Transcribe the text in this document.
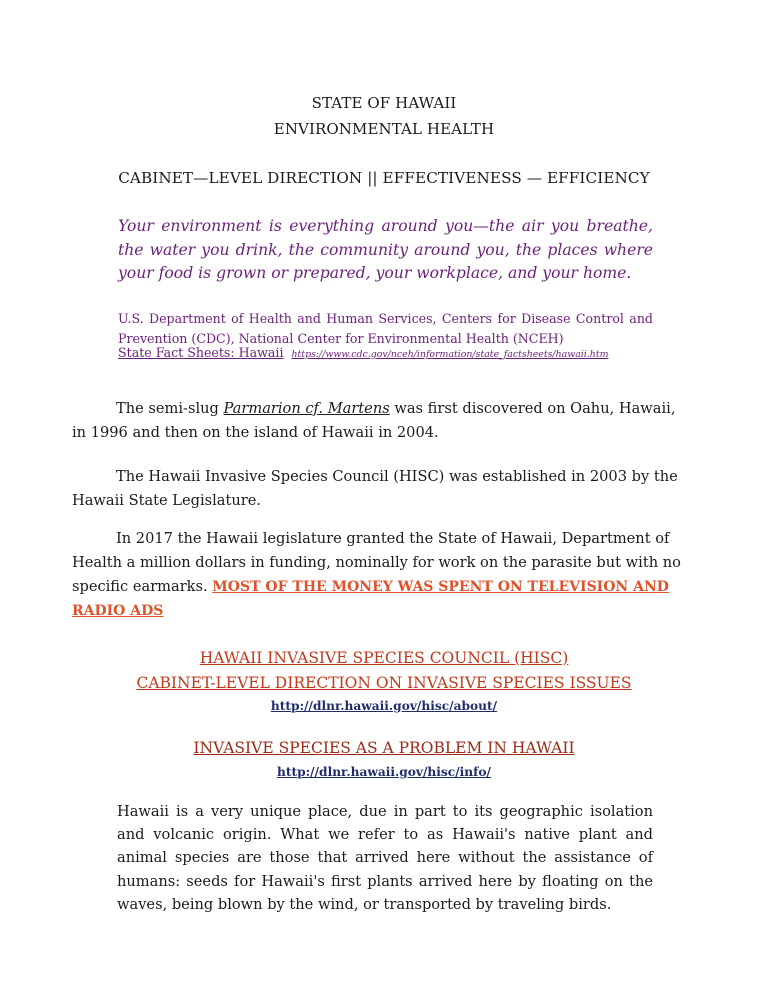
STATE OF HAWAII
ENVIRONMENTAL HEALTH
CABINET—LEVEL DIRECTION || EFFECTIVENESS — EFFICIENCY
Your environment is everything around you—the air you breathe, the water you drink, the community around you, the places where your food is grown or prepared, your workplace, and your home.
U.S. Department of Health and Human Services, Centers for Disease Control and Prevention (CDC), National Center for Environmental Health (NCEH)
State Fact Sheets: Hawaii https://www.cdc.gov/nceh/information/state_factsheets/hawaii.htm
The semi-slug Parmarion cf. Martens was first discovered on Oahu, Hawaii, in 1996 and then on the island of Hawaii in 2004.
The Hawaii Invasive Species Council (HISC) was established in 2003 by the Hawaii State Legislature.
In 2017 the Hawaii legislature granted the State of Hawaii, Department of Health a million dollars in funding, nominally for work on the parasite but with no specific earmarks. MOST OF THE MONEY WAS SPENT ON TELEVISION AND RADIO ADS
HAWAII INVASIVE SPECIES COUNCIL (HISC)
CABINET-LEVEL DIRECTION ON INVASIVE SPECIES ISSUES
http://dlnr.hawaii.gov/hisc/about/
INVASIVE SPECIES AS A PROBLEM IN HAWAII
http://dlnr.hawaii.gov/hisc/info/
Hawaii is a very unique place, due in part to its geographic isolation and volcanic origin. What we refer to as Hawaii's native plant and animal species are those that arrived here without the assistance of humans: seeds for Hawaii's first plants arrived here by floating on the waves, being blown by the wind, or transported by traveling birds.
